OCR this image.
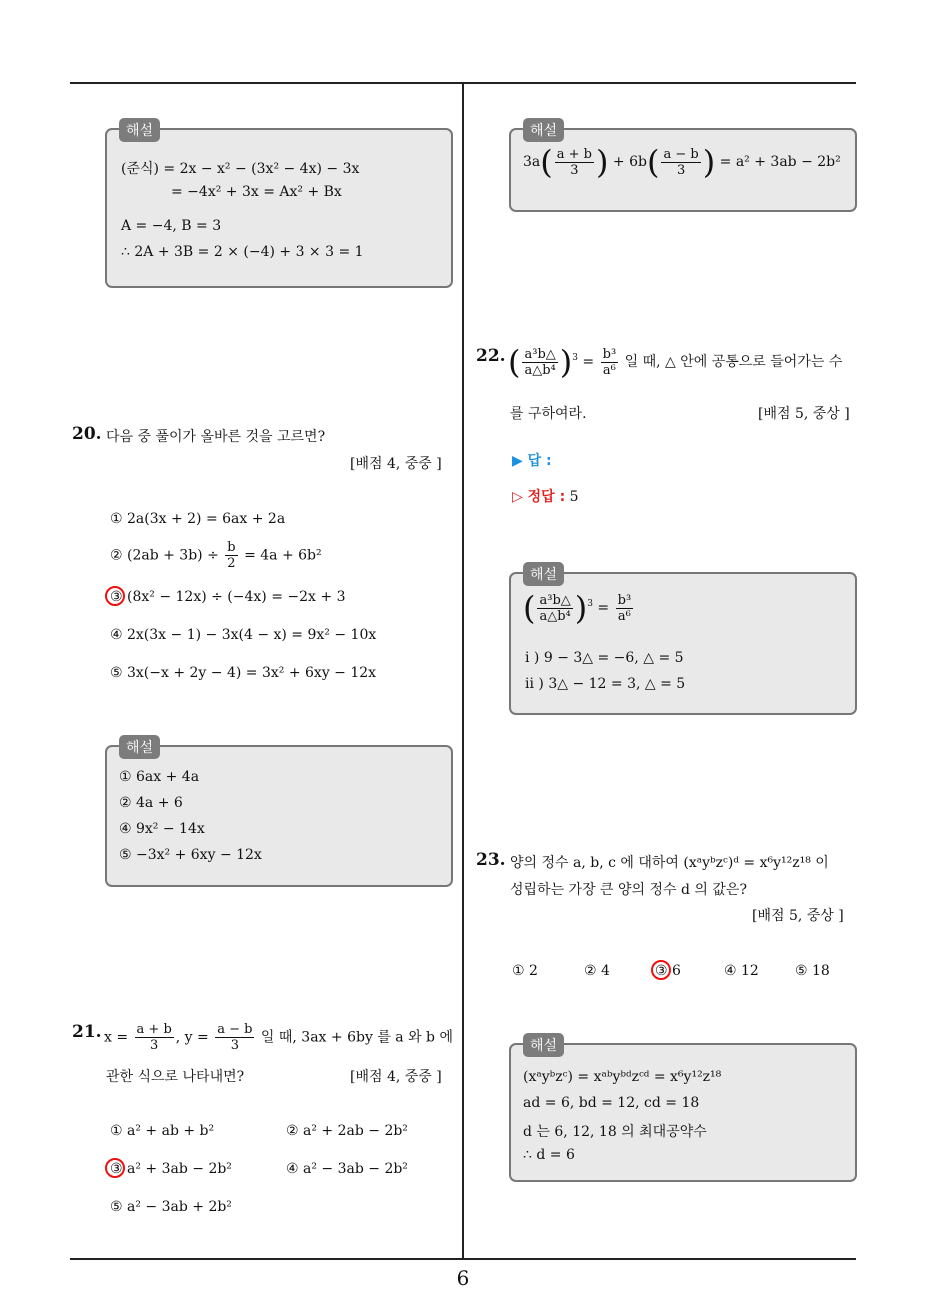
해설
(준식) = 2x − x² − (3x² − 4x) − 3x
= −4x² + 3x = Ax² + Bx
A = −4, B = 3
∴ 2A + 3B = 2 × (−4) + 3 × 3 = 1
20. 다음 중 풀이가 올바른 것을 고르면?
[배점 4, 중중 ]
① 2a(3x + 2) = 6ax + 2a
② $(2ab + 3b) \div \frac{b}{2} = 4a + 6b^2$
③ (8x² − 12x) ÷ (−4x) = −2x + 3
④ 2x(3x − 1) − 3x(4 − x) = 9x² − 10x
⑤ 3x(−x + 2y − 4) = 3x² + 6xy − 12x
해설
① 6ax + 4a
② 4a + 6
④ 9x² − 14x
⑤ −3x² + 6xy − 12x
21. $x = \frac{a + b}{3}$ , $y = \frac{a - b}{3}$ 일 때, 3ax + 6by 를 a 와 b 에
관한 식으로 나타내면?	[배점 4, 중중 ]
① a² + ab + b²	② a² + 2ab − 2b²
③ a² + 3ab − 2b²	④ a² − 3ab − 2b²
⑤ a² − 3ab + 2b²
해설
$3a( \frac{a + b}{3}$ ) + $6b( \frac{a - b}{3}$ ) = a² + 3ab − 2b²
22. ( $\frac{\text{a³b△}}{\text{a△b⁴}} )^3 = \frac{\text{b³}}{\text{a⁶}}$ 일 때, △ 안에 공통으로 들어가는 수
를 구하여라.	[배점 5, 중상 ]
▶ 답 :
▷ 정답 : 5
해설
( $\frac{\text{a³b△}}{\text{a△b⁴}} )^3 = \frac{\text{b³}}{\text{a⁶}}$
i ) 9 − 3△ = −6, △ = 5
ii ) 3△ − 12 = 3, △ = 5
23. 양의 정수 a, b, c 에 대하여 (xᵃyᵇzᶜ)ᵈ = x⁶y¹²z¹⁸ 이
성립하는 가장 큰 양의 정수 d 의 값은?
[배점 5, 중상 ]
① 2	② 4	③ 6	④ 12	⑤ 18
해설
(xᵃyᵇzᶜ) = xᵃᵇyᵇᵈzᶜᵈ = x⁶y¹²z¹⁸
ad = 6, bd = 12, cd = 18
d 는 6, 12, 18 의 최대공약수
∴ d = 6
6
